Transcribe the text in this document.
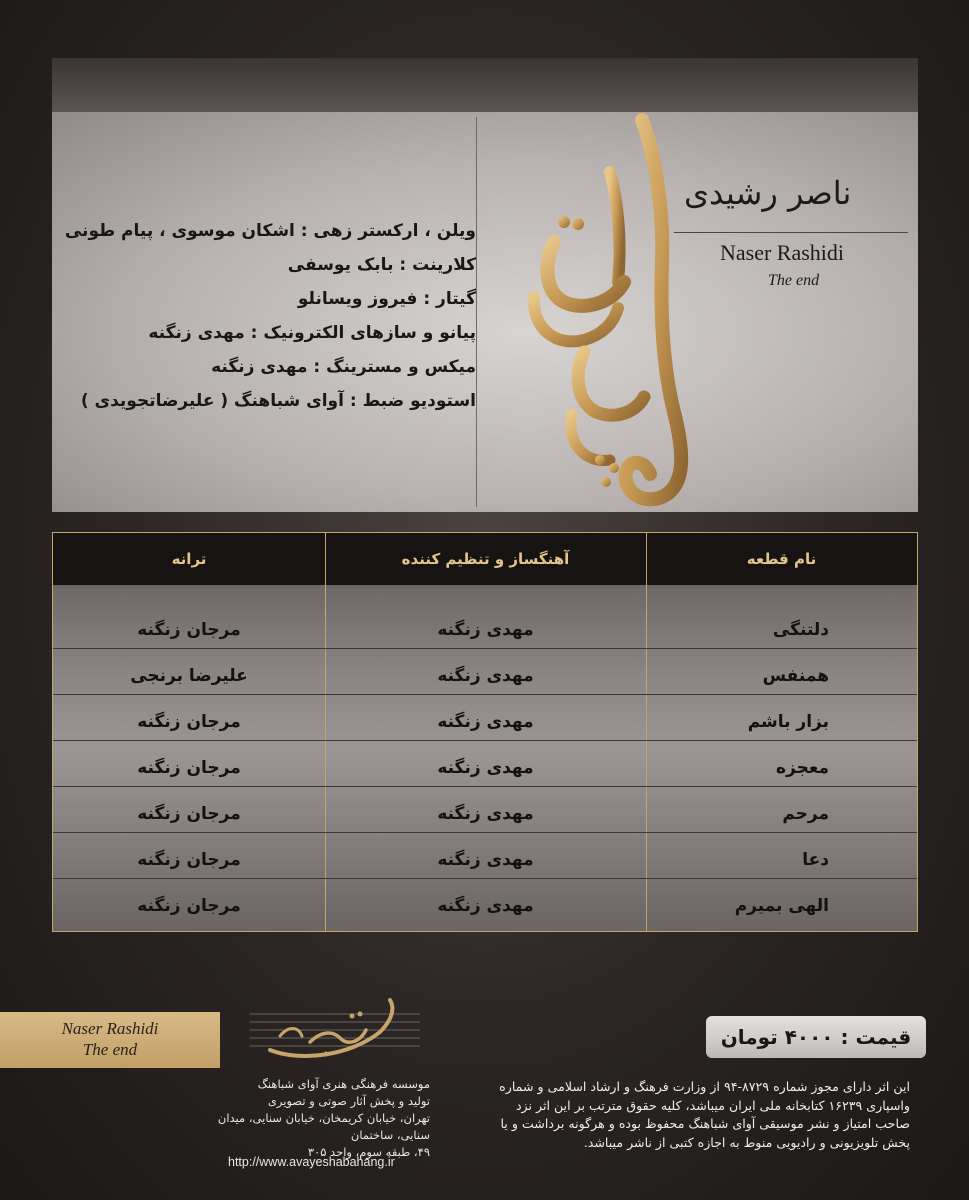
ویلن ، ارکستر زهی : اشکان موسوی ، پیام طونی
کلارینت : بابک یوسفی
گیتار : فیروز ویسانلو
پیانو و سازهای الکترونیک : مهدی زنگنه
میکس و مسترینگ : مهدی زنگنه
استودیو ضبط : آوای شباهنگ ( علیرضاتجویدی )
ناصر رشیدی
Naser Rashidi
The end
نام قطعه
آهنگساز و تنظیم کننده
ترانه
دلتنگی
مهدی زنگنه
مرجان زنگنه
همنفس
مهدی زنگنه
علیرضا برنجی
بزار باشم
مهدی زنگنه
مرجان زنگنه
معجزه
مهدی زنگنه
مرجان زنگنه
مرحم
مهدی زنگنه
مرجان زنگنه
دعا
مهدی زنگنه
مرجان زنگنه
الهی بمیرم
مهدی زنگنه
مرجان زنگنه
Naser Rashidi
The end
قیمت : ۴۰۰۰ تومان
موسسه فرهنگی هنری آوای شباهنگ
تولید و پخش آثار صوتی و تصویری
تهران، خیابان کریمخان، خیابان سنایی، میدان سنایی، ساختمان
۴۹، طبقه سوم، واحد ۳۰۵
http://www.avayeshabahang.ir
این اثر دارای مجوز شماره ۸۷۲۹-۹۴ از وزارت فرهنگ و ارشاد اسلامی و شماره
واسپاری ۱۶۲۳۹ کتابخانه ملی ایران میباشد، کلیه حقوق مترتب بر این اثر نزد
صاحب امتیاز و نشر موسیقی آوای شباهنگ محفوظ بوده و هرگونه برداشت و یا
پخش تلویزیونی و رادیویی منوط به اجازه کتبی از ناشر میباشد.
